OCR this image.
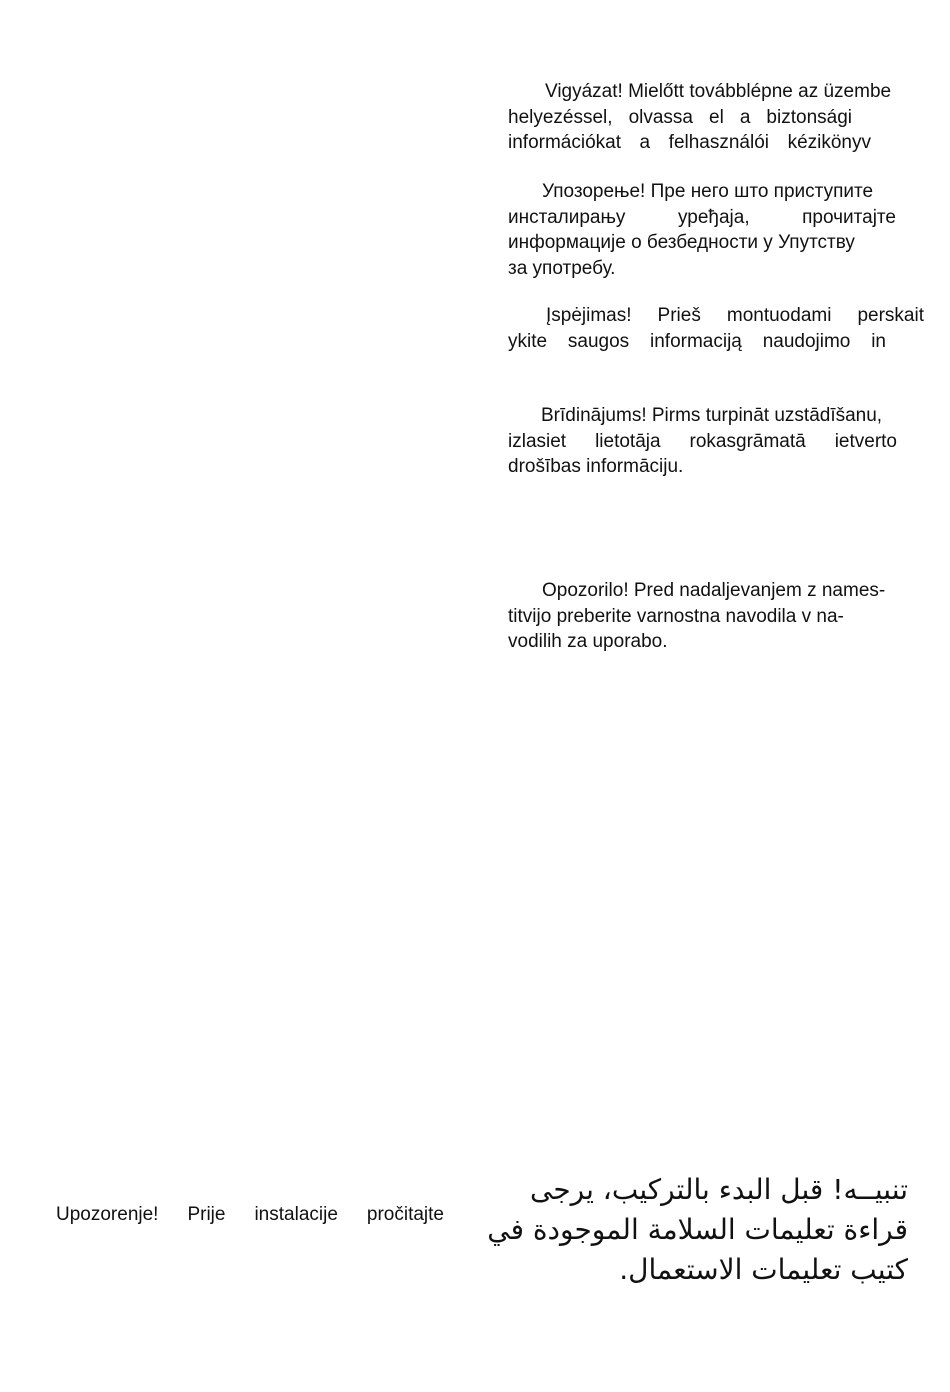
Vigyázat! Mielőtt továbblépne az üzembe
helyezéssel, olvassa el a biztonsági
információkat a felhasználói kézikönyv
Упозорење! Пре него што приступите
инсталирању уређаја, прочитајте
информације о безбедности у Упутству
за употребу.
Įspėjimas! Prieš montuodami perskait
ykite saugos informaciją naudojimo in
Brīdinājums! Pirms turpināt uzstādīšanu,
izlasiet lietotāja rokasgrāmatā ietverto
drošības informāciju.
Opozorilo! Pred nadaljevanjem z names-
titvijo preberite varnostna navodila v na-
vodilih za uporabo.
Upozorenje! Prije instalacije pročitajte
تنبيــه! قبل البدء بالتركيب، يرجى
قراءة تعليمات السلامة الموجودة في
كتيب تعليمات الاستعمال.
